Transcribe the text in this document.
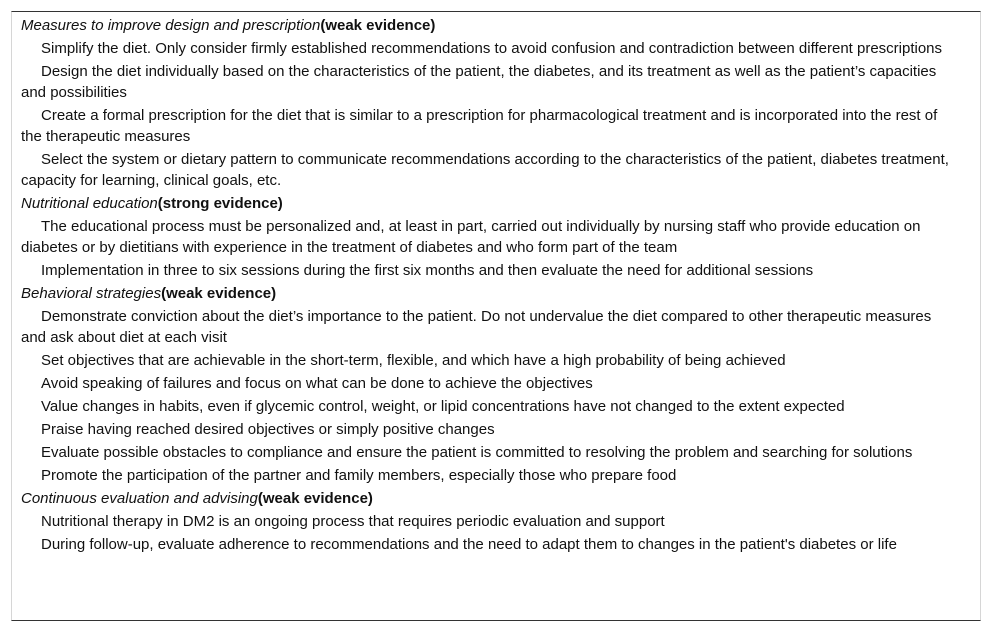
Measures to improve design and prescription(weak evidence)
Simplify the diet. Only consider firmly established recommendations to avoid confusion and contradiction between different prescriptions
Design the diet individually based on the characteristics of the patient, the diabetes, and its treatment as well as the patient’s capacities and possibilities
Create a formal prescription for the diet that is similar to a prescription for pharmacological treatment and is incorporated into the rest of the therapeutic measures
Select the system or dietary pattern to communicate recommendations according to the characteristics of the patient, diabetes treatment, capacity for learning, clinical goals, etc.
Nutritional education(strong evidence)
The educational process must be personalized and, at least in part, carried out individually by nursing staff who provide education on diabetes or by dietitians with experience in the treatment of diabetes and who form part of the team
Implementation in three to six sessions during the first six months and then evaluate the need for additional sessions
Behavioral strategies(weak evidence)
Demonstrate conviction about the diet’s importance to the patient. Do not undervalue the diet compared to other therapeutic measures and ask about diet at each visit
Set objectives that are achievable in the short-term, flexible, and which have a high probability of being achieved
Avoid speaking of failures and focus on what can be done to achieve the objectives
Value changes in habits, even if glycemic control, weight, or lipid concentrations have not changed to the extent expected
Praise having reached desired objectives or simply positive changes
Evaluate possible obstacles to compliance and ensure the patient is committed to resolving the problem and searching for solutions
Promote the participation of the partner and family members, especially those who prepare food
Continuous evaluation and advising(weak evidence)
Nutritional therapy in DM2 is an ongoing process that requires periodic evaluation and support
During follow-up, evaluate adherence to recommendations and the need to adapt them to changes in the patient's diabetes or life
